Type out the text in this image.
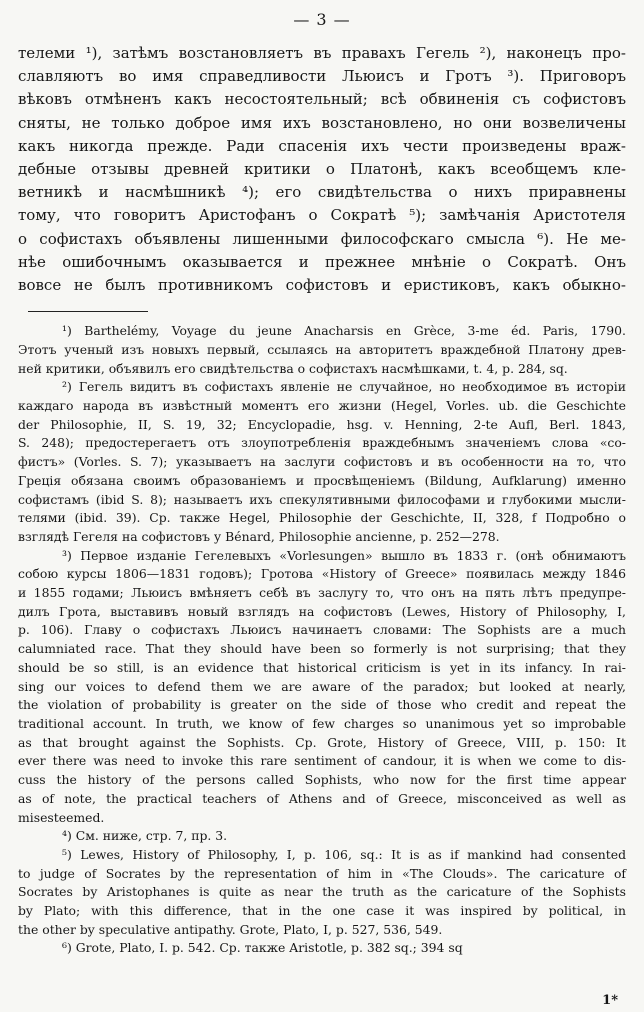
— 3 —
телеми ¹), затѣмъ возстановляетъ въ правахъ Гегель ²), наконецъ про-
славляютъ во имя справедливости Льюисъ и Гротъ ³). Приговоръ
вѣковъ отмѣненъ какъ несостоятельный; всѣ обвиненія съ софистовъ
сняты, не только доброе имя ихъ возстановлено, но они возвеличены
какъ никогда прежде. Ради спасенія ихъ чести произведены враж-
дебные отзывы древней критики о Платонѣ, какъ всеобщемъ кле-
ветникѣ и насмѣшникѣ ⁴); его свидѣтельства о нихъ приравнены
тому, что говоритъ Аристофанъ о Сократѣ ⁵); замѣчанія Аристотеля
о софистахъ объявлены лишенными философскаго смысла ⁶). Не ме-
нѣе ошибочнымъ оказывается и прежнее мнѣніе о Сократѣ. Онъ
вовсе не былъ противникомъ софистовъ и еристиковъ, какъ обыкно-
¹) Barthelémy, Voyage du jeune Anacharsis en Grèce, 3-me éd. Paris, 1790.
Этотъ ученый изъ новыхъ первый, ссылаясь на авторитетъ враждебной Платону древ-
ней критики, объявилъ его свидѣтельства о софистахъ насмѣшками, t. 4, p. 284, sq.
²) Гегель видитъ въ софистахъ явленіе не случайное, но необходимое въ исторіи
каждаго народа въ извѣстный моментъ его жизни (Hegel, Vorles. ub. die Geschichte
der Philosophie, II, S. 19, 32; Encyclopadie, hsg. v. Henning, 2-te Aufl, Berl. 1843,
S. 248); предостерегаетъ отъ злоупотребленія враждебнымъ значеніемъ слова «со-
фистъ» (Vorles. S. 7); указываетъ на заслуги софистовъ и въ особенности на то, что
Греція обязана своимъ образованіемъ и просвѣщеніемъ (Bildung, Aufklarung) именно
софистамъ (ibid S. 8); называетъ ихъ спекулятивными философами и глубокими мысли-
телями (ibid. 39). Ср. также Hegel, Philosophie der Geschichte, II, 328, f Подробно о
взглядѣ Гегеля на софистовъ у Bénard, Philosophie ancienne, p. 252—278.
³) Первое изданіе Гегелевыхъ «Vorlesungen» вышло въ 1833 г. (онѣ обнимаютъ
собою курсы 1806—1831 годовъ); Гротова «History of Greece» появилась между 1846
и 1855 годами; Льюисъ вмѣняетъ себѣ въ заслугу то, что онъ на пять лѣтъ предупре-
дилъ Грота, выставивъ новый взглядъ на софистовъ (Lewes, History of Philosophy, I,
p. 106). Главу о софистахъ Льюисъ начинаетъ словами: The Sophists are a much
calumniated race. That they should have been so formerly is not surprising; that they
should be so still, is an evidence that historical criticism is yet in its infancy. In rai-
sing our voices to defend them we are aware of the paradox; but looked at nearly,
the violation of probability is greater on the side of those who credit and repeat the
traditional account. In truth, we know of few charges so unanimous yet so improbable
as that brought against the Sophists. Cp. Grote, History of Greece, VIII, p. 150: It
ever there was need to invoke this rare sentiment of candour, it is when we come to dis-
cuss the history of the persons called Sophists, who now for the first time appear
as of note, the practical teachers of Athens and of Greece, misconceived as well as
misesteemed.
⁴) См. ниже, стр. 7, пр. 3.
⁵) Lewes, History of Philosophy, I, p. 106, sq.: It is as if mankind had consented
to judge of Socrates by the representation of him in «The Clouds». The caricature of
Socrates by Aristophanes is quite as near the truth as the caricature of the Sophists
by Plato; with this difference, that in the one case it was inspired by political, in
the other by speculative antipathy. Grote, Plato, I, p. 527, 536, 549.
⁶) Grote, Plato, I. p. 542. Ср. также Aristotle, p. 382 sq.; 394 sq
1*
